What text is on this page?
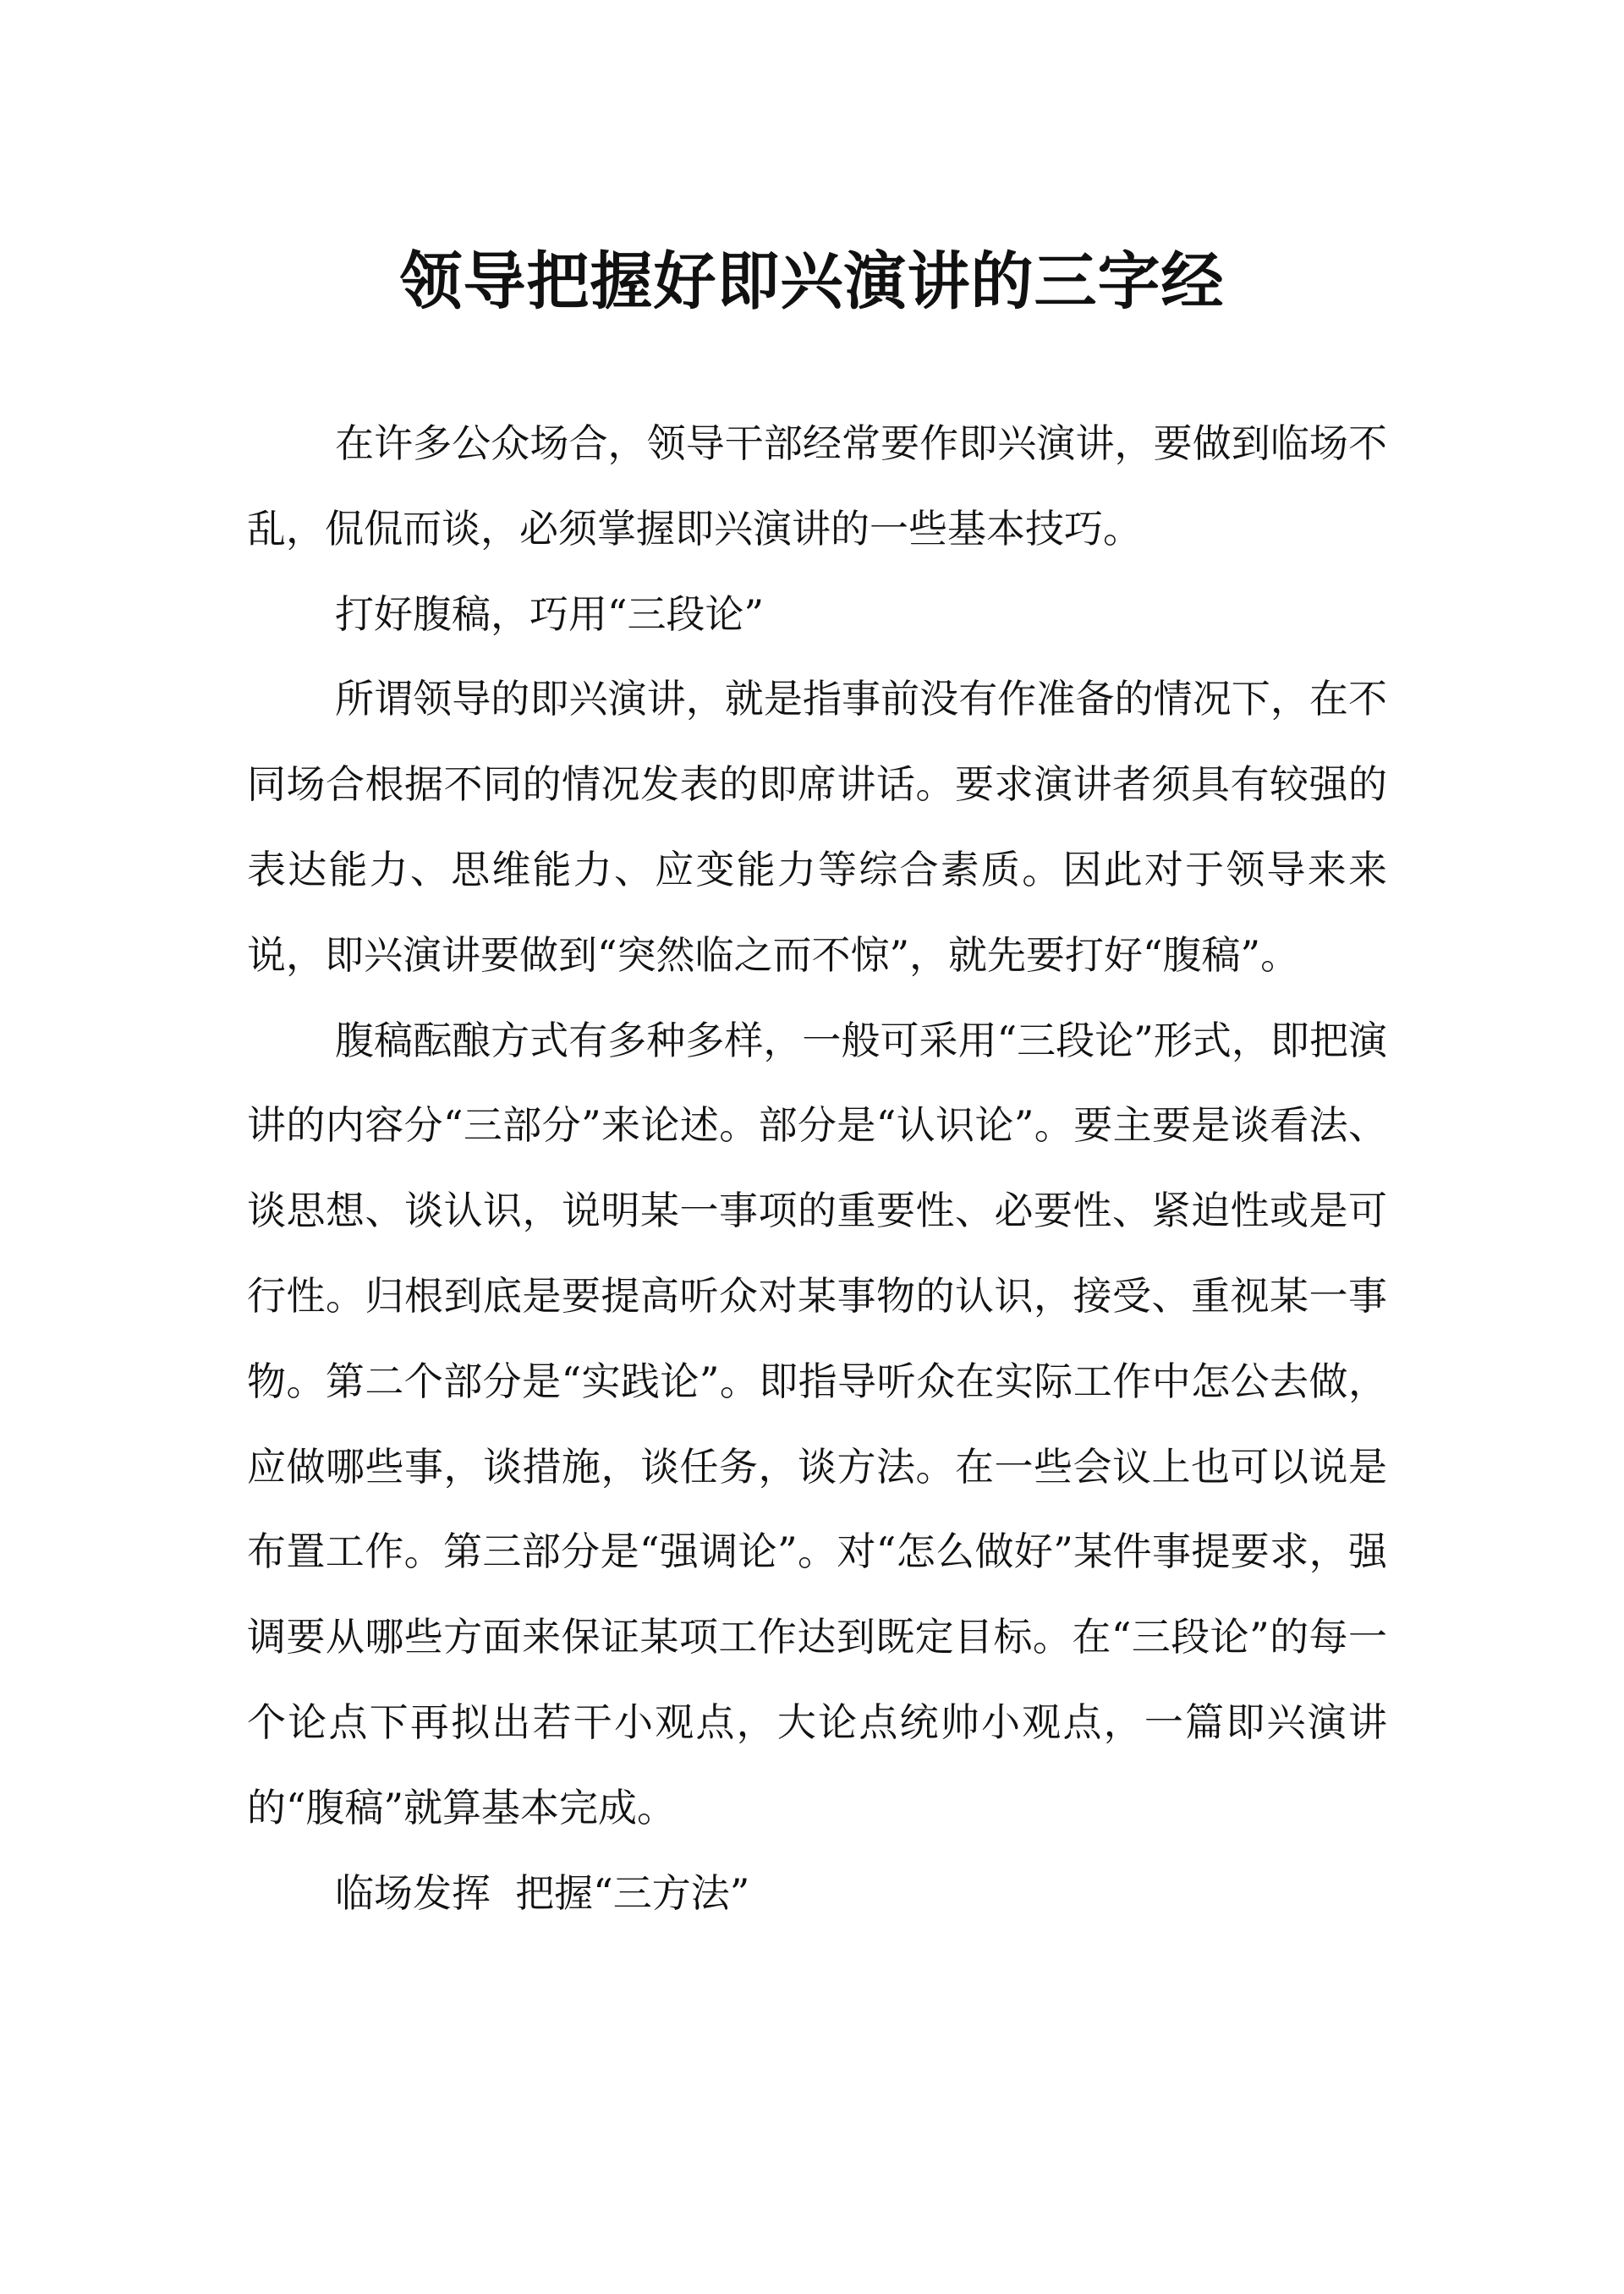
领导把握好即兴演讲的三字经

在许多公众场合，领导干部经常要作即兴演讲，要做到临场不乱，侃侃而谈，必须掌握即兴演讲的一些基本技巧。

打好腹稿，巧用“三段论”

所谓领导的即兴演讲，就是指事前没有作准备的情况下，在不同场合根据不同的情况发表的即席讲话。要求演讲者须具有较强的表达能力、思维能力、应变能力等综合素质。因此对于领导来来说，即兴演讲要做到“突然临之而不惊”，就先要打好“腹稿”。

腹稿酝酿方式有多种多样，一般可采用“三段论”形式，即把演讲的内容分“三部分”来论述。部分是“认识论”。要主要是谈看法、谈思想、谈认识，说明某一事项的重要性、必要性、紧迫性或是可行性。归根到底是要提高听众对某事物的认识，接受、重视某一事物。第二个部分是“实践论”。即指导听众在实际工作中怎公去做，应做哪些事，谈措施，谈任务，谈方法。在一些会议上也可以说是布置工作。第三部分是“强调论”。对“怎么做好”某件事提要求，强调要从哪些方面来保证某项工作达到既定目标。在“三段论”的每一个论点下再拟出若干小观点，大论点统帅小观点，一篇即兴演讲的“腹稿”就算基本完成。

临场发挥  把握“三方法”
